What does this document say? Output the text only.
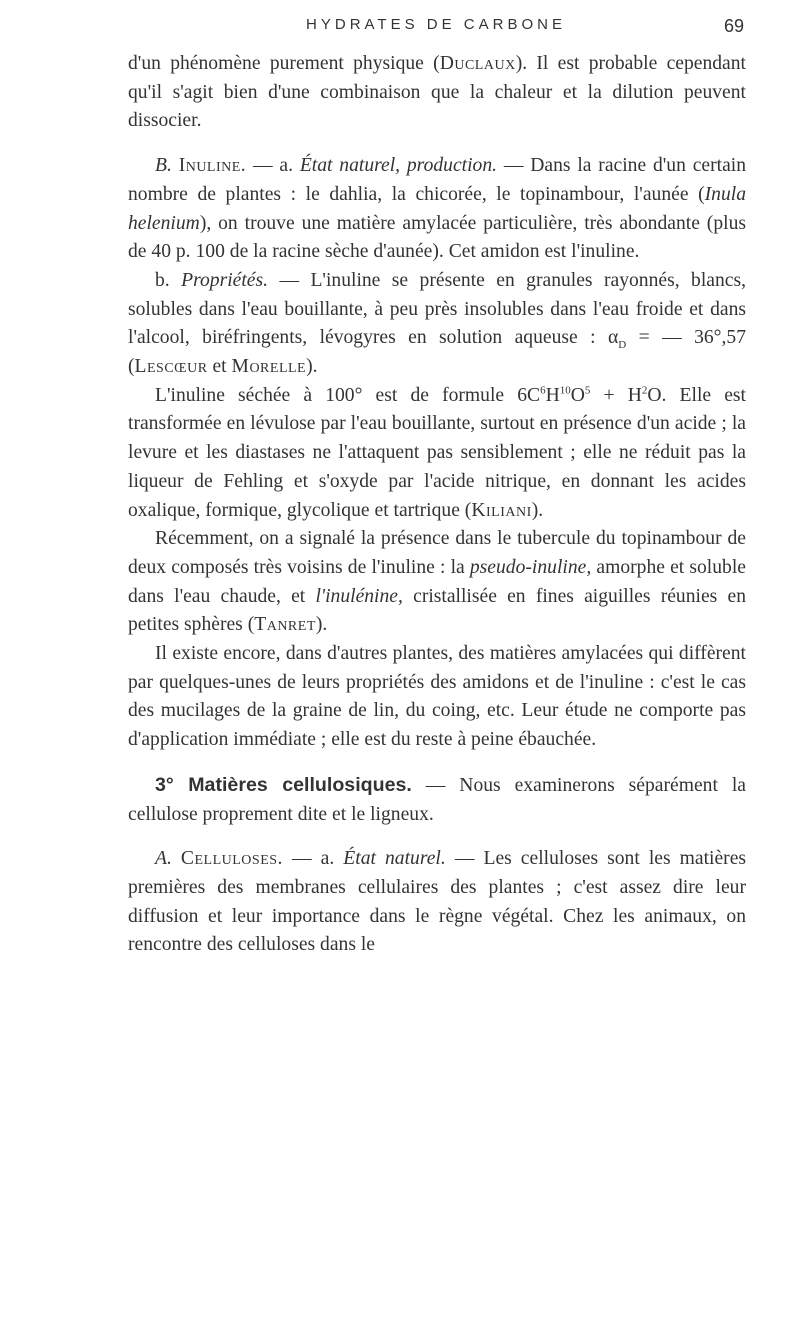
HYDRATES DE CARBONE	69

d'un phénomène purement physique (Duclaux). Il est probable cependant qu'il s'agit bien d'une combinaison que la chaleur et la dilution peuvent dissocier.

B. Inuline. — a. État naturel, production. — Dans la racine d'un certain nombre de plantes : le dahlia, la chicorée, le topinambour, l'aunée (Inula helenium), on trouve une matière amylacée particulière, très abondante (plus de 40 p. 100 de la racine sèche d'aunée). Cet amidon est l'inuline.

b. Propriétés. — L'inuline se présente en granules rayonnés, blancs, solubles dans l'eau bouillante, à peu près insolubles dans l'eau froide et dans l'alcool, biréfringents, lévogyres en solution aqueuse : $\alpha_D$ = — 36°,57 (Lescœur et Morelle).

L'inuline séchée à 100° est de formule $6C^6H^{10}O^5 + H^2O$. Elle est transformée en lévulose par l'eau bouillante, surtout en présence d'un acide ; la levure et les diastases ne l'attaquent pas sensiblement ; elle ne réduit pas la liqueur de Fehling et s'oxyde par l'acide nitrique, en donnant les acides oxalique, formique, glycolique et tartrique (Kiliani).

Récemment, on a signalé la présence dans le tubercule du topinambour de deux composés très voisins de l'inuline : la pseudo-inuline, amorphe et soluble dans l'eau chaude, et l'inulénine, cristallisée en fines aiguilles réunies en petites sphères (Tanret).

Il existe encore, dans d'autres plantes, des matières amylacées qui diffèrent par quelques-unes de leurs propriétés des amidons et de l'inuline : c'est le cas des mucilages de la graine de lin, du coing, etc. Leur étude ne comporte pas d'application immédiate ; elle est du reste à peine ébauchée.

3° Matières cellulosiques. — Nous examinerons séparément la cellulose proprement dite et le ligneux.

A. Celluloses. — a. État naturel. — Les celluloses sont les matières premières des membranes cellulaires des plantes ; c'est assez dire leur diffusion et leur importance dans le règne végétal. Chez les animaux, on rencontre des celluloses dans le
